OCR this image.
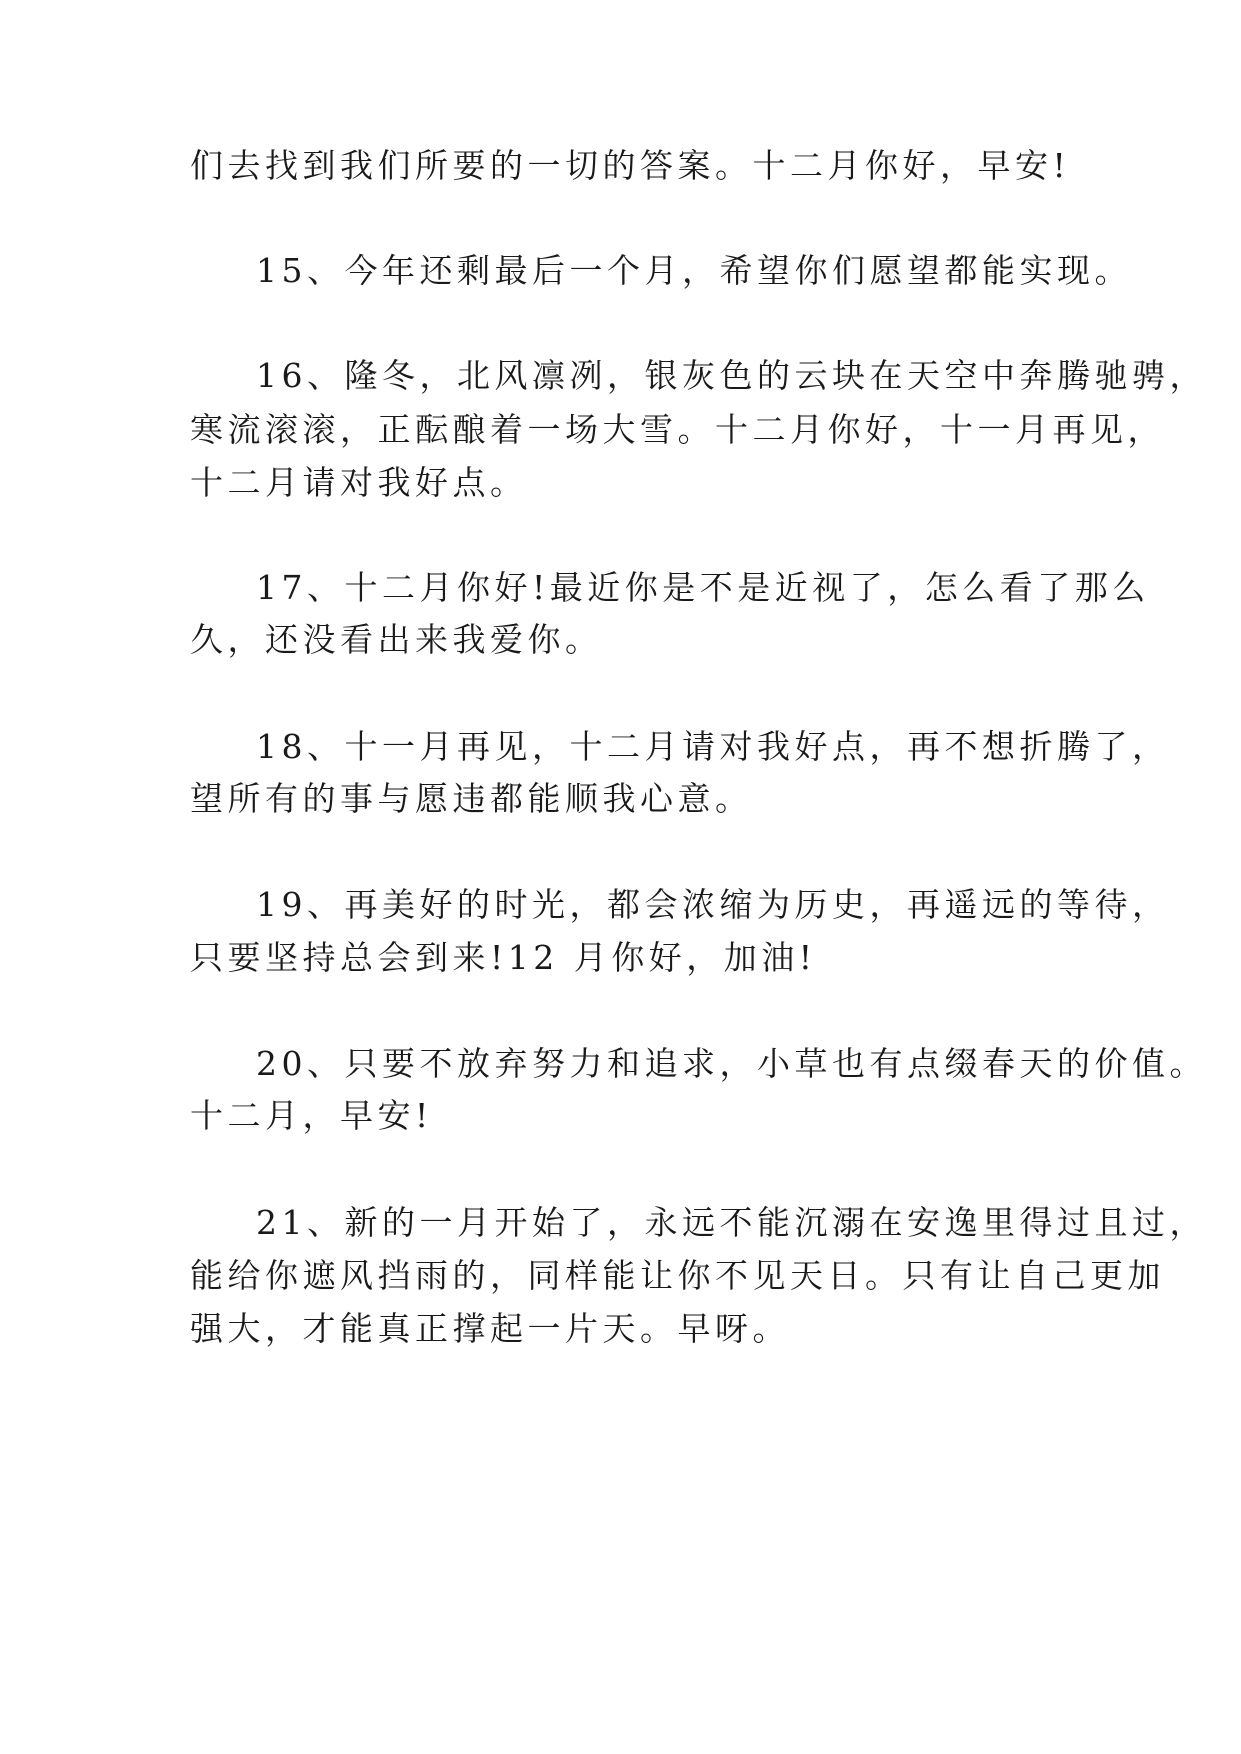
们去找到我们所要的一切的答案。十二月你好，早安!
15、今年还剩最后一个月，希望你们愿望都能实现。
16、隆冬，北风凛冽，银灰色的云块在天空中奔腾驰骋，
寒流滚滚，正酝酿着一场大雪。十二月你好，十一月再见，
十二月请对我好点。
17、十二月你好!最近你是不是近视了，怎么看了那么
久，还没看出来我爱你。
18、十一月再见，十二月请对我好点，再不想折腾了，
望所有的事与愿违都能顺我心意。
19、再美好的时光，都会浓缩为历史，再遥远的等待，
只要坚持总会到来!12 月你好，加油!
20、只要不放弃努力和追求，小草也有点缀春天的价值。
十二月，早安!
21、新的一月开始了，永远不能沉溺在安逸里得过且过，
能给你遮风挡雨的，同样能让你不见天日。只有让自己更加
强大，才能真正撑起一片天。早呀。
